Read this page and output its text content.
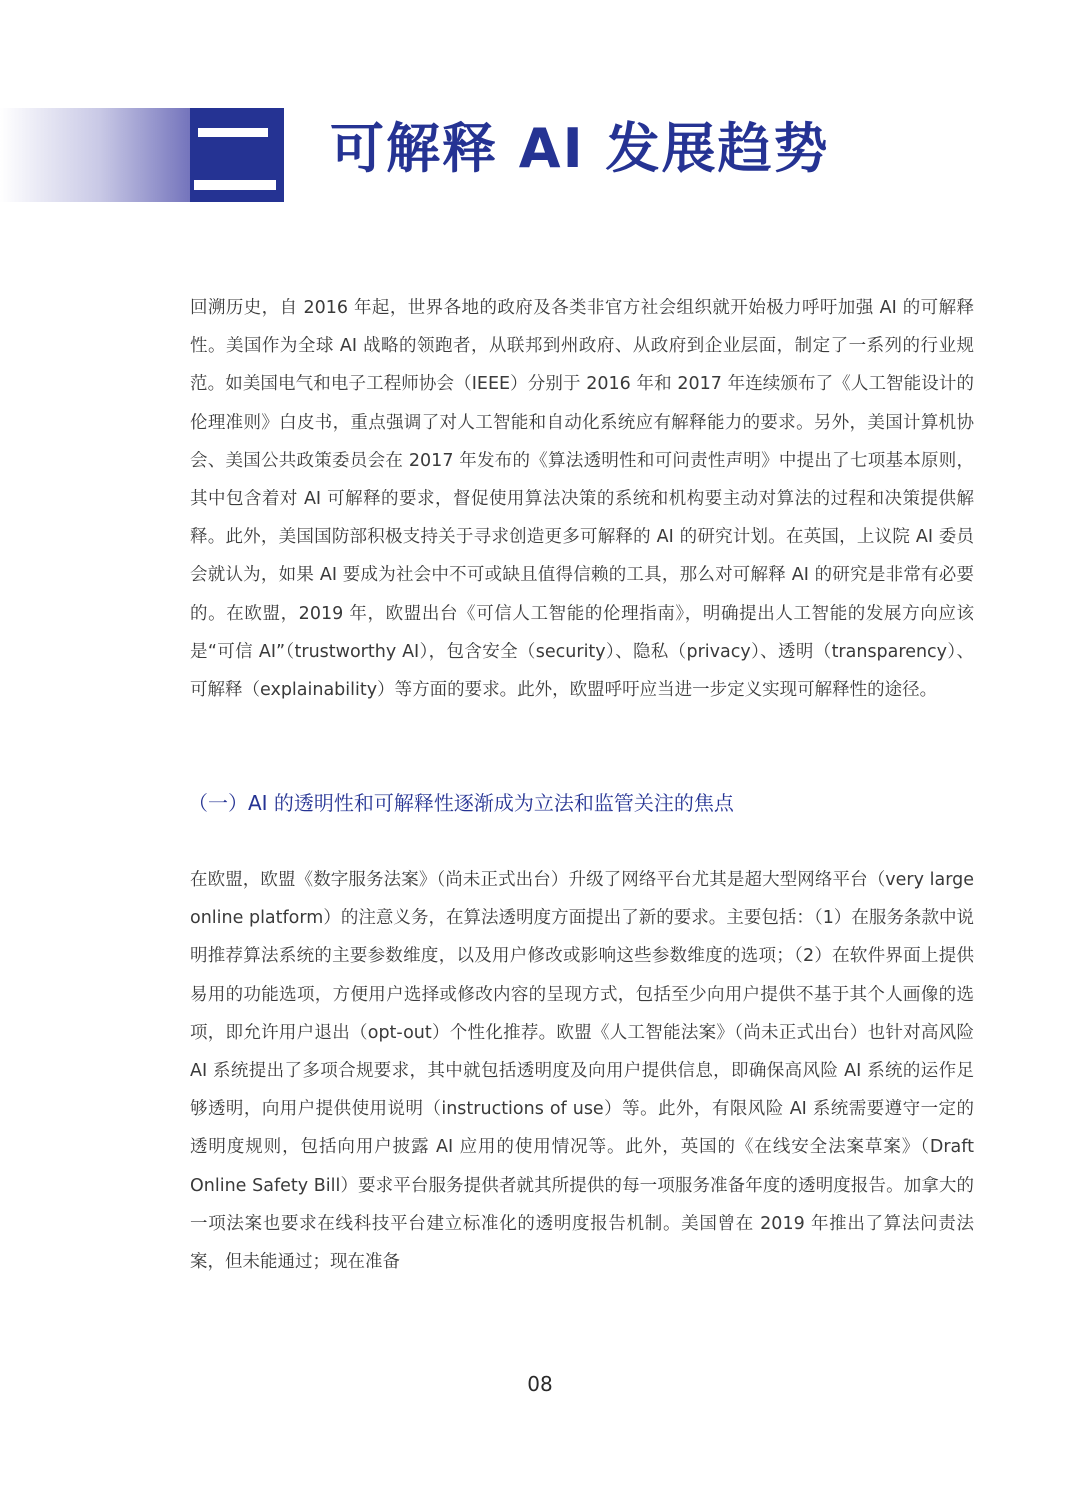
可解释 AI 发展趋势

回溯历史，自 2016 年起，世界各地的政府及各类非官方社会组织就开始极力呼吁加强 AI 的可解释性。美国作为全球 AI 战略的领跑者，从联邦到州政府、从政府到企业层面，制定了一系列的行业规范。如美国电气和电子工程师协会（IEEE）分别于 2016 年和 2017 年连续颁布了《人工智能设计的伦理准则》白皮书，重点强调了对人工智能和自动化系统应有解释能力的要求。另外，美国计算机协会、美国公共政策委员会在 2017 年发布的《算法透明性和可问责性声明》中提出了七项基本原则，其中包含着对 AI 可解释的要求，督促使用算法决策的系统和机构要主动对算法的过程和决策提供解释。此外，美国国防部积极支持关于寻求创造更多可解释的 AI 的研究计划。在英国，上议院 AI 委员会就认为，如果 AI 要成为社会中不可或缺且值得信赖的工具，那么对可解释 AI 的研究是非常有必要的。在欧盟，2019 年，欧盟出台《可信人工智能的伦理指南》，明确提出人工智能的发展方向应该是“可信 AI”（trustworthy AI），包含安全（security）、隐私（privacy）、透明（transparency）、可解释（explainability）等方面的要求。此外，欧盟呼吁应当进一步定义实现可解释性的途径。

（一）AI 的透明性和可解释性逐渐成为立法和监管关注的焦点

在欧盟，欧盟《数字服务法案》（尚未正式出台）升级了网络平台尤其是超大型网络平台（very large online platform）的注意义务，在算法透明度方面提出了新的要求。主要包括：（1）在服务条款中说明推荐算法系统的主要参数维度，以及用户修改或影响这些参数维度的选项；（2）在软件界面上提供易用的功能选项，方便用户选择或修改内容的呈现方式，包括至少向用户提供不基于其个人画像的选项，即允许用户退出（opt-out）个性化推荐。欧盟《人工智能法案》（尚未正式出台）也针对高风险 AI 系统提出了多项合规要求，其中就包括透明度及向用户提供信息，即确保高风险 AI 系统的运作足够透明，向用户提供使用说明（instructions of use）等。此外，有限风险 AI 系统需要遵守一定的透明度规则，包括向用户披露 AI 应用的使用情况等。此外，英国的《在线安全法案草案》（Draft Online Safety Bill）要求平台服务提供者就其所提供的每一项服务准备年度的透明度报告。加拿大的一项法案也要求在线科技平台建立标准化的透明度报告机制。美国曾在 2019 年推出了算法问责法案，但未能通过；现在准备

08
